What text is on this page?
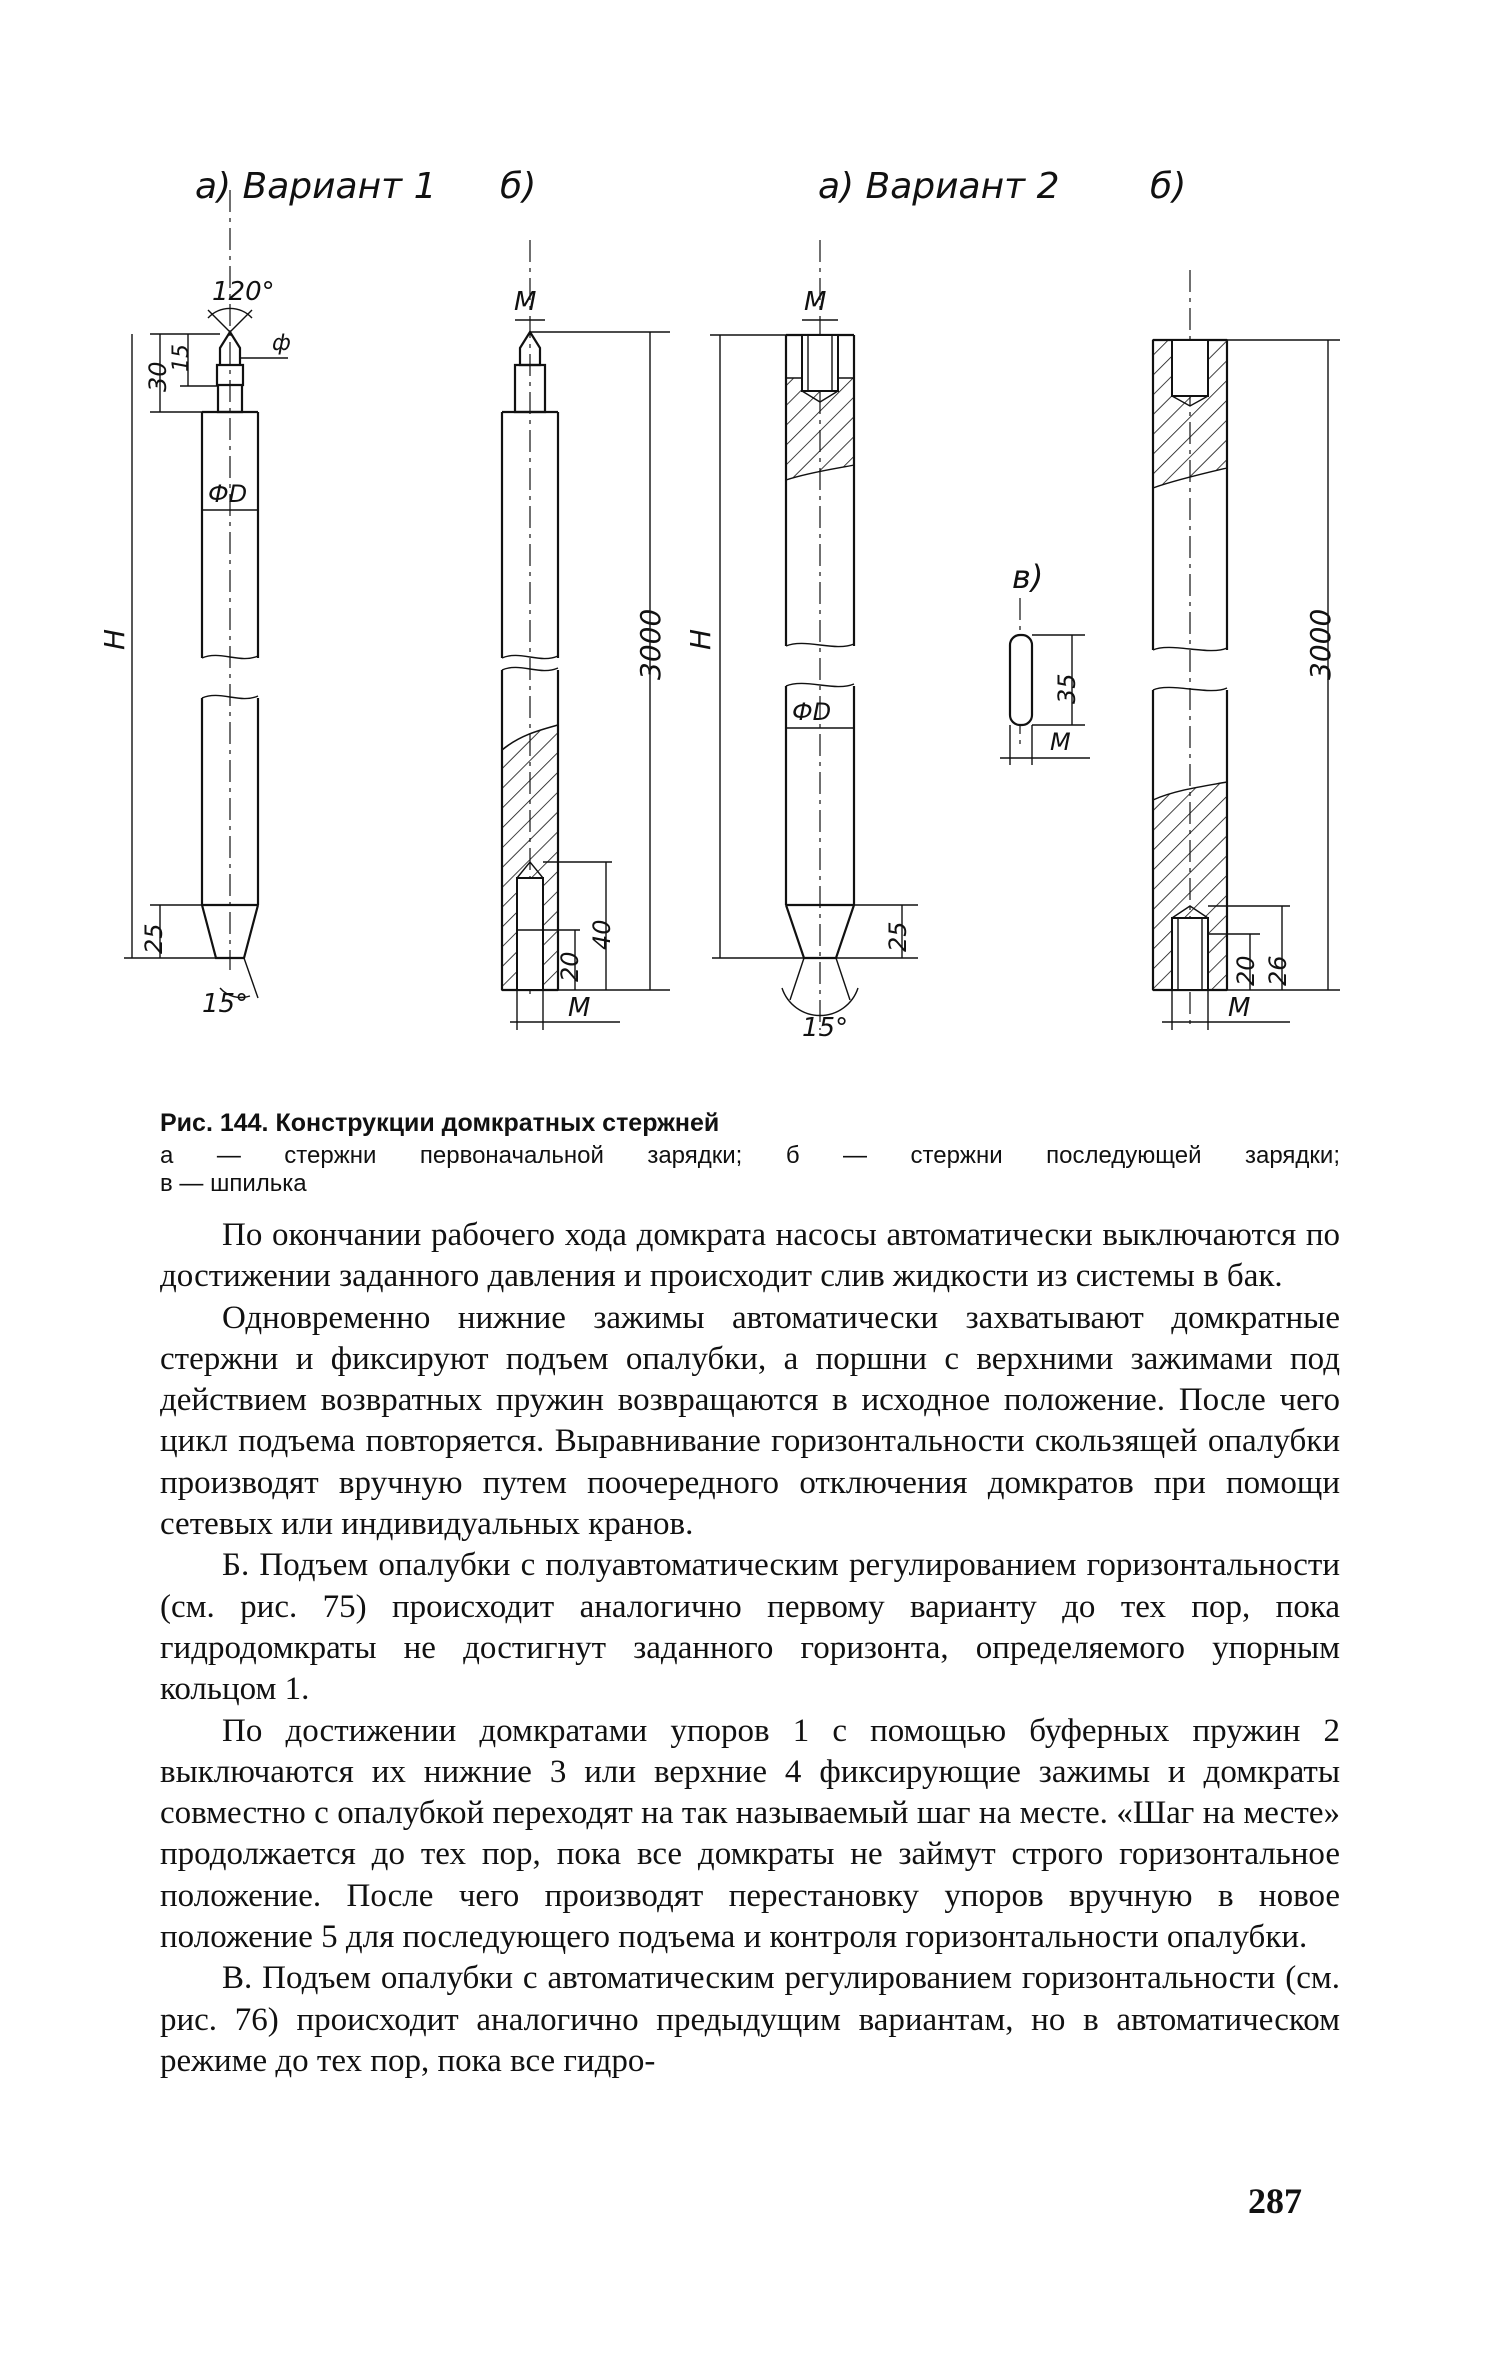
а) Вариант 1 б)	а) Вариант 2	б)
120°
ф
30
15
ФD
H
25
15°
M
3000
20
40
M
M
ФD
H
25
15°
в)
35
M
3000
20 26
M

Рис. 144. Конструкции домкратных стержней

а — стержни первоначальной зарядки; б — стержни последующей зарядки;

в — шпилька

По окончании рабочего хода домкрата насосы автоматически выключаются по достижении заданного давления и происходит слив жидкости из системы в бак.

Одновременно нижние зажимы автоматически захватывают домкратные стержни и фиксируют подъем опалубки, а поршни с верхними зажимами под действием возвратных пружин возвращаются в исходное положение. После чего цикл подъема повторяется. Выравнивание горизонтальности скользящей опалубки производят вручную путем поочередного отключения домкратов при помощи сетевых или индивидуальных кранов.

Б. Подъем опалубки с полуавтоматическим регулированием горизонтальности (см. рис. 75) происходит аналогично первому варианту до тех пор, пока гидродомкраты не достигнут заданного горизонта, определяемого упорным кольцом 1.

По достижении домкратами упоров 1 с помощью буферных пружин 2 выключаются их нижние 3 или верхние 4 фиксирующие зажимы и домкраты совместно с опалубкой переходят на так называемый шаг на месте. «Шаг на месте» продолжается до тех пор, пока все домкраты не займут строго горизонтальное положение. После чего производят перестановку упоров вручную в новое положение 5 для последующего подъема и контроля горизонтальности опалубки.

В. Подъем опалубки с автоматическим регулированием горизонтальности (см. рис. 76) происходит аналогично предыдущим вариантам, но в автоматическом режиме до тех пор, пока все гидро-

287
